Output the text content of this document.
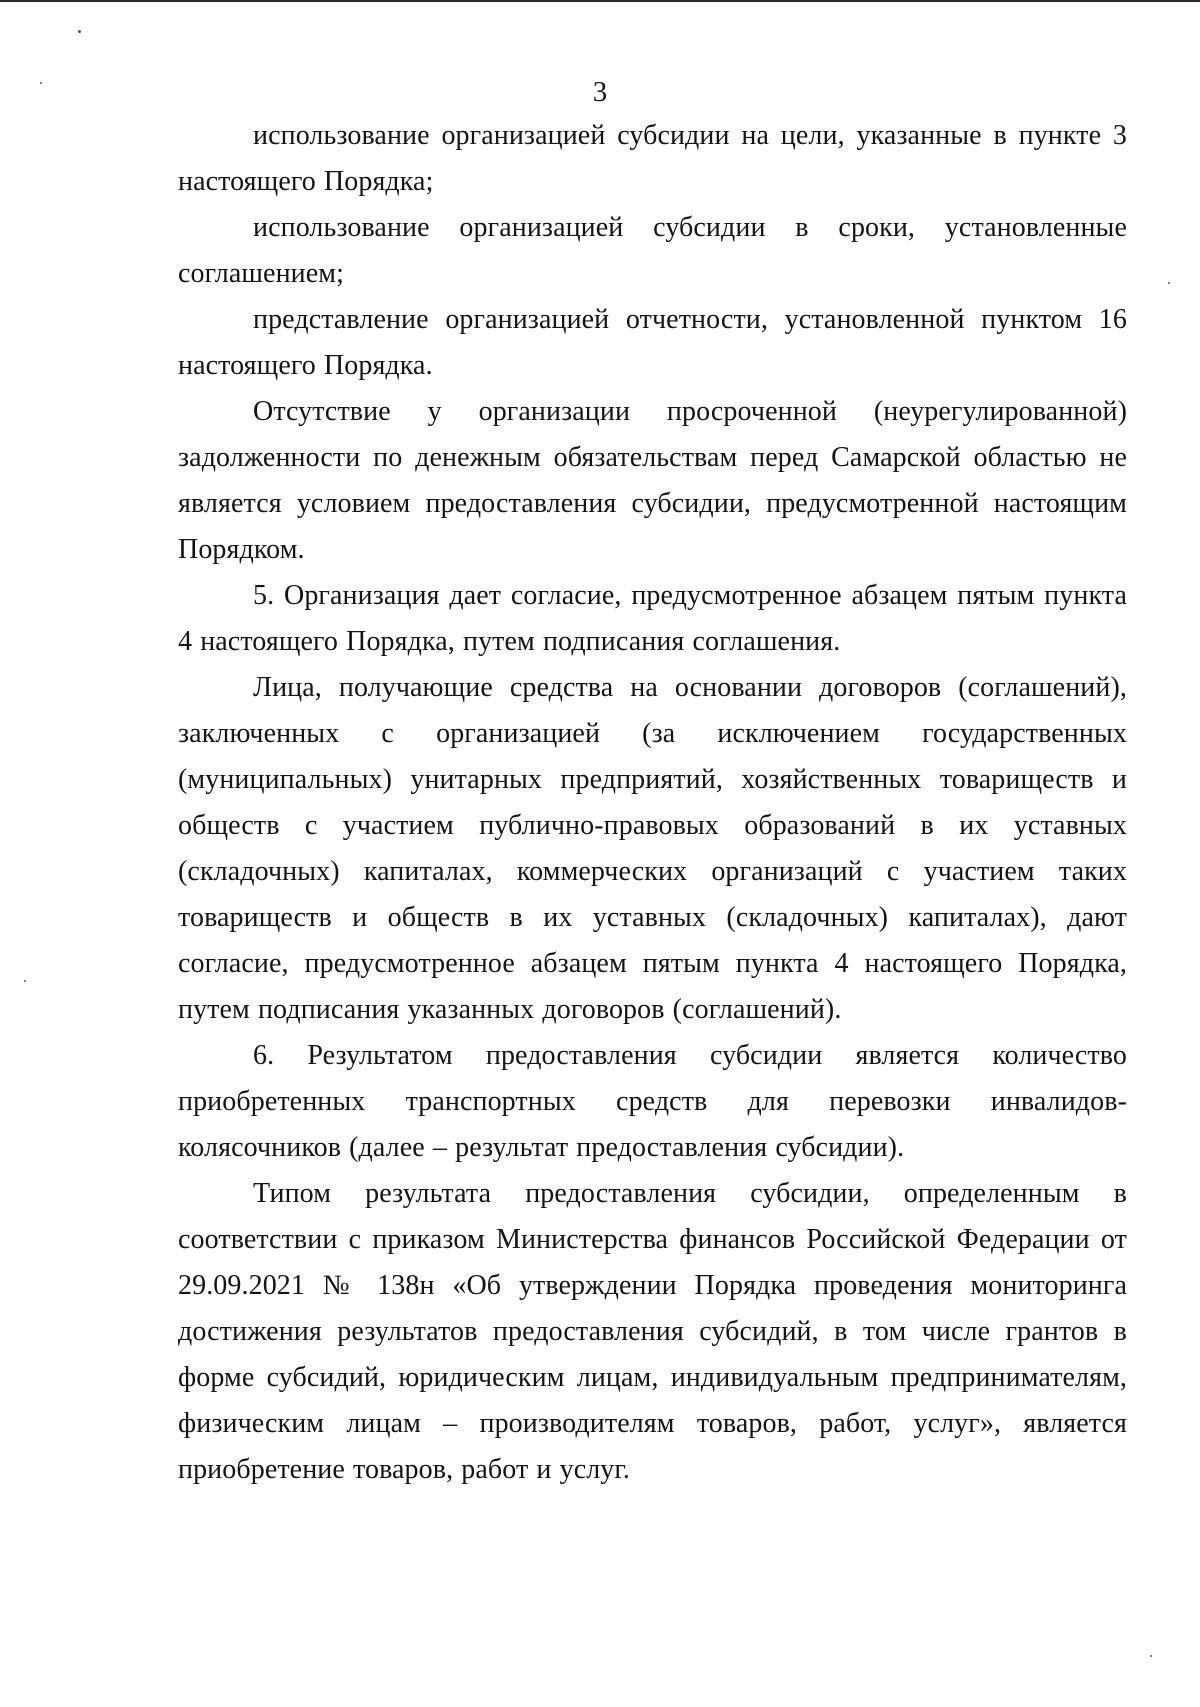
3

использование организацией субсидии на цели, указанные в пункте 3 настоящего Порядка;

использование организацией субсидии в сроки, установленные соглашением;

представление организацией отчетности, установленной пунктом 16 настоящего Порядка.

Отсутствие у организации просроченной (неурегулированной) задолженности по денежным обязательствам перед Самарской областью не является условием предоставления субсидии, предусмотренной настоящим Порядком.

5. Организация дает согласие, предусмотренное абзацем пятым пункта 4 настоящего Порядка, путем подписания соглашения.

Лица, получающие средства на основании договоров (соглашений), заключенных с организацией (за исключением государственных (муниципальных) унитарных предприятий, хозяйственных товариществ и обществ с участием публично-правовых образований в их уставных (складочных) капиталах, коммерческих организаций с участием таких товариществ и обществ в их уставных (складочных) капиталах), дают согласие, предусмотренное абзацем пятым пункта 4 настоящего Порядка, путем подписания указанных договоров (соглашений).

6. Результатом предоставления субсидии является количество приобретенных транспортных средств для перевозки инвалидов-колясочников (далее – результат предоставления субсидии).

Типом результата предоставления субсидии, определенным в соответствии с приказом Министерства финансов Российской Федерации от 29.09.2021 № 138н «Об утверждении Порядка проведения мониторинга достижения результатов предоставления субсидий, в том числе грантов в форме субсидий, юридическим лицам, индивидуальным предпринимателям, физическим лицам – производителям товаров, работ, услуг», является приобретение товаров, работ и услуг.
